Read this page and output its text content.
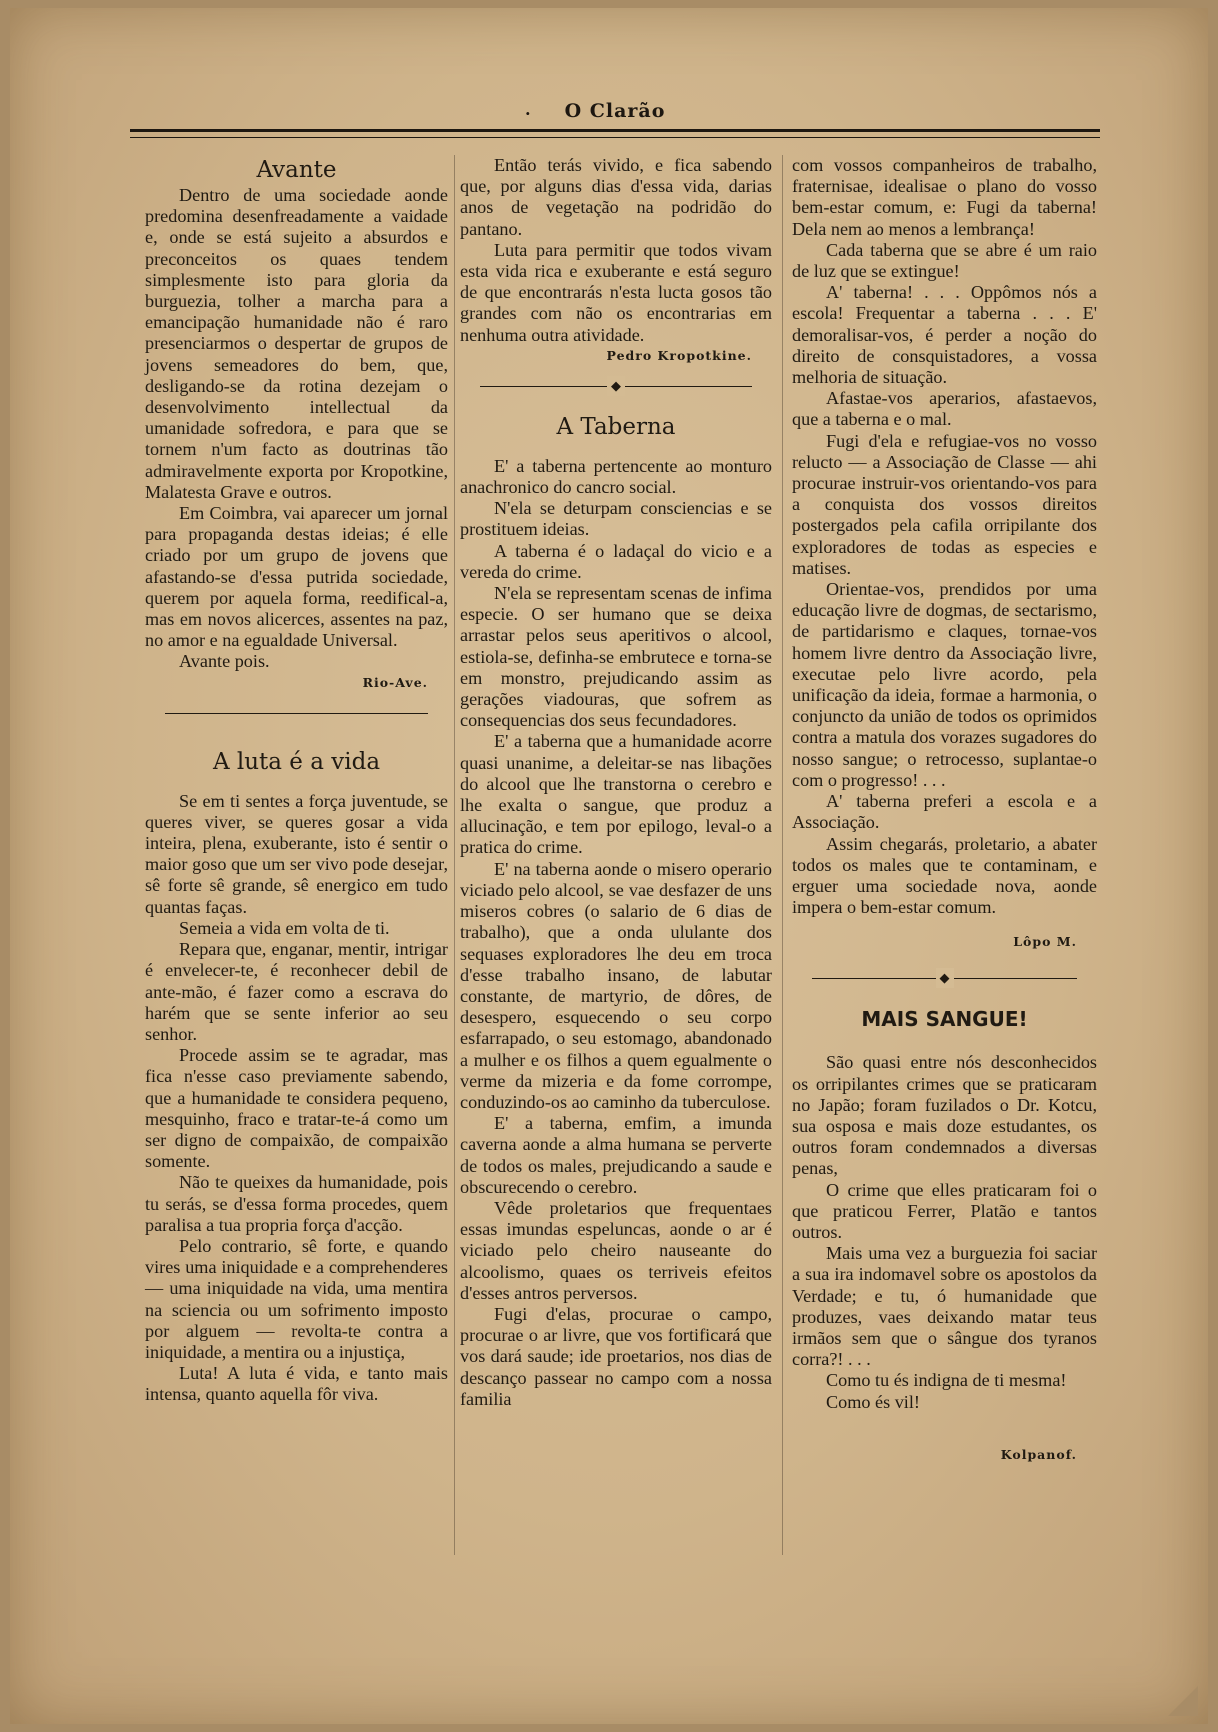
. O Clarão
Avante

Dentro de uma sociedade aonde predomina desenfreadamente a vaidade e, onde se está sujeito a absurdos e preconceitos os quaes tendem simplesmente isto para gloria da burguezia, tolher a marcha para a emancipação humanidade não é raro presenciarmos o despertar de grupos de jovens semeadores do bem, que, desligando-se da rotina dezejam o desenvolvimento intellectual da umanidade sofredora, e para que se tornem n'um facto as doutrinas tão admiravelmente exporta por Kropotkine, Malatesta Grave e outros.

Em Coimbra, vai aparecer um jornal para propaganda destas ideias; é elle criado por um grupo de jovens que afastando-se d'essa putrida sociedade, querem por aquela forma, reedifical-a, mas em novos alicerces, assentes na paz, no amor e na egualdade Universal.

Avante pois.

Rio-Ave.
A luta é a vida

Se em ti sentes a força juventude, se queres viver, se queres gosar a vida inteira, plena, exuberante, isto é sentir o maior goso que um ser vivo pode desejar, sê forte sê grande, sê energico em tudo quantas faças.

Semeia a vida em volta de ti.

Repara que, enganar, mentir, intrigar é envelecer-te, é reconhecer debil de ante-mão, é fazer como a escrava do harém que se sente inferior ao seu senhor.

Procede assim se te agradar, mas fica n'esse caso previamente sabendo, que a humanidade te considera pequeno, mesquinho, fraco e tratar-te-á como um ser digno de compaixão, de compaixão somente.

Não te queixes da humanidade, pois tu serás, se d'essa forma procedes, quem paralisa a tua propria força d'acção.

Pelo contrario, sê forte, e quando vires uma iniquidade e a comprehenderes — uma iniquidade na vida, uma mentira na sciencia ou um sofrimento imposto por alguem — revolta-te contra a iniquidade, a mentira ou a injustiça,

Luta! A luta é vida, e tanto mais intensa, quanto aquella fôr viva.

Então terás vivido, e fica sabendo que, por alguns dias d'essa vida, darias anos de vegetação na podridão do pantano.

Luta para permitir que todos vivam esta vida rica e exuberante e está seguro de que encontrarás n'esta lucta gosos tão grandes com não os encontrarias em nenhuma outra atividade.

Pedro Kropotkine.
◆
A Taberna

E' a taberna pertencente ao monturo anachronico do cancro social.

N'ela se deturpam consciencias e se prostituem ideias.

A taberna é o ladaçal do vicio e a vereda do crime.

N'ela se representam scenas de infima especie. O ser humano que se deixa arrastar pelos seus aperitivos o alcool, estiola-se, definha-se embrutece e torna-se em monstro, prejudicando assim as gerações viadouras, que sofrem as consequencias dos seus fecundadores.

E' a taberna que a humanidade acorre quasi unanime, a deleitar-se nas libações do alcool que lhe transtorna o cerebro e lhe exalta o sangue, que produz a allucinação, e tem por epilogo, leval-o a pratica do crime.

E' na taberna aonde o misero operario viciado pelo alcool, se vae desfazer de uns miseros cobres (o salario de 6 dias de trabalho), que a onda ululante dos sequases exploradores lhe deu em troca d'esse trabalho insano, de labutar constante, de martyrio, de dôres, de desespero, esquecendo o seu corpo esfarrapado, o seu estomago, abandonado a mulher e os filhos a quem egualmente o verme da mizeria e da fome corrompe, conduzindo-os ao caminho da tuberculose.

E' a taberna, emfim, a imunda caverna aonde a alma humana se perverte de todos os males, prejudicando a saude e obscurecendo o cerebro.

Vêde proletarios que frequentaes essas imundas espeluncas, aonde o ar é viciado pelo cheiro nauseante do alcoolismo, quaes os terriveis efeitos d'esses antros perversos.

Fugi d'elas, procurae o campo, procurae o ar livre, que vos fortificará que vos dará saude; ide proetarios, nos dias de descanço passear no campo com a nossa familia

com vossos companheiros de trabalho, fraternisae, idealisae o plano do vosso bem-estar comum, e: Fugi da taberna! Dela nem ao menos a lembrança!

Cada taberna que se abre é um raio de luz que se extingue!

A' taberna! . . . Oppômos nós a escola! Frequentar a taberna . . . E' demoralisar-vos, é perder a noção do direito de consquistadores, a vossa melhoria de situação.

Afastae-vos aperarios, afastaevos, que a taberna e o mal.

Fugi d'ela e refugiae-vos no vosso relucto — a Associação de Classe — ahi procurae instruir-vos orientando-vos para a conquista dos vossos direitos postergados pela cafila orripilante dos exploradores de todas as especies e matises.

Orientae-vos, prendidos por uma educação livre de dogmas, de sectarismo, de partidarismo e claques, tornae-vos homem livre dentro da Associação livre, executae pelo livre acordo, pela unificação da ideia, formae a harmonia, o conjuncto da união de todos os oprimidos contra a matula dos vorazes sugadores do nosso sangue; o retrocesso, suplantae-o com o progresso! . . .

A' taberna preferi a escola e a Associação.

Assim chegarás, proletario, a abater todos os males que te contaminam, e erguer uma sociedade nova, aonde impera o bem-estar comum.

Lôpo M.
◆
MAIS SANGUE!

São quasi entre nós desconhecidos os orripilantes crimes que se praticaram no Japão; foram fuzilados o Dr. Kotcu, sua osposa e mais doze estudantes, os outros foram condemnados a diversas penas,

O crime que elles praticaram foi o que praticou Ferrer, Platão e tantos outros.

Mais uma vez a burguezia foi saciar a sua ira indomavel sobre os apostolos da Verdade; e tu, ó humanidade que produzes, vaes deixando matar teus irmãos sem que o sângue dos tyranos corra?! . . .

Como tu és indigna de ti mesma!

Como és vil!

Kolpanof.
